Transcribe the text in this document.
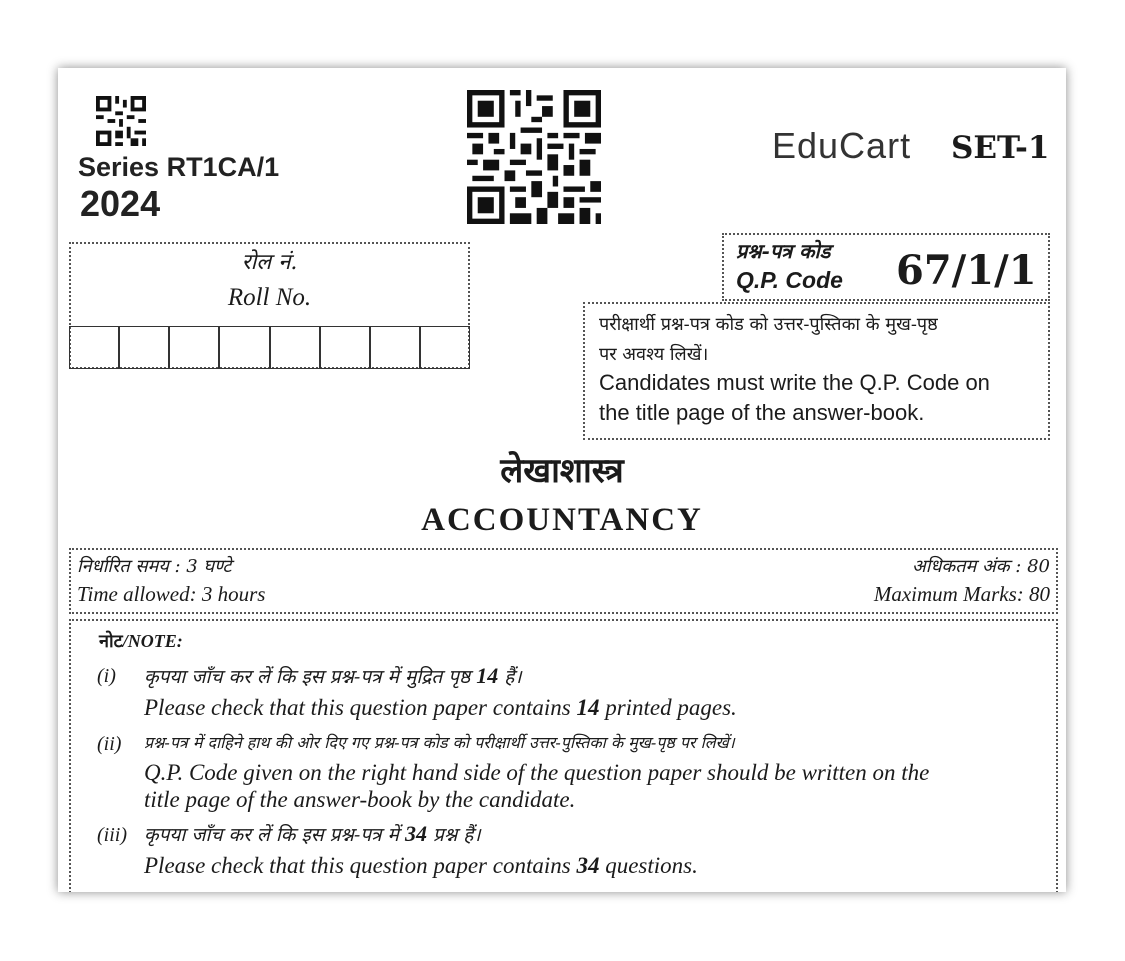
Series RT1CA/1
2024
EduCart SET-1
रोल नं.
Roll No.
प्रश्न-पत्र कोड
Q.P. Code 67/1/1
परीक्षार्थी प्रश्न-पत्र कोड को उत्तर-पुस्तिका के मुख-पृष्ठ
पर अवश्य लिखें।
Candidates must write the Q.P. Code on
the title page of the answer-book.
लेखाशास्त्र
ACCOUNTANCY
निर्धारित समय : 3 घण्टे
Time allowed: 3 hours
अधिकतम अंक : 80
Maximum Marks: 80
नोट/NOTE:
(i) कृपया जाँच कर लें कि इस प्रश्न-पत्र में मुद्रित पृष्ठ 14 हैं।
Please check that this question paper contains 14 printed pages.
(ii) प्रश्न-पत्र में दाहिने हाथ की ओर दिए गए प्रश्न-पत्र कोड को परीक्षार्थी उत्तर-पुस्तिका के मुख-पृष्ठ पर लिखें।
Q.P. Code given on the right hand side of the question paper should be written on the
title page of the answer-book by the candidate.
(iii) कृपया जाँच कर लें कि इस प्रश्न-पत्र में 34 प्रश्न हैं।
Please check that this question paper contains 34 questions.
